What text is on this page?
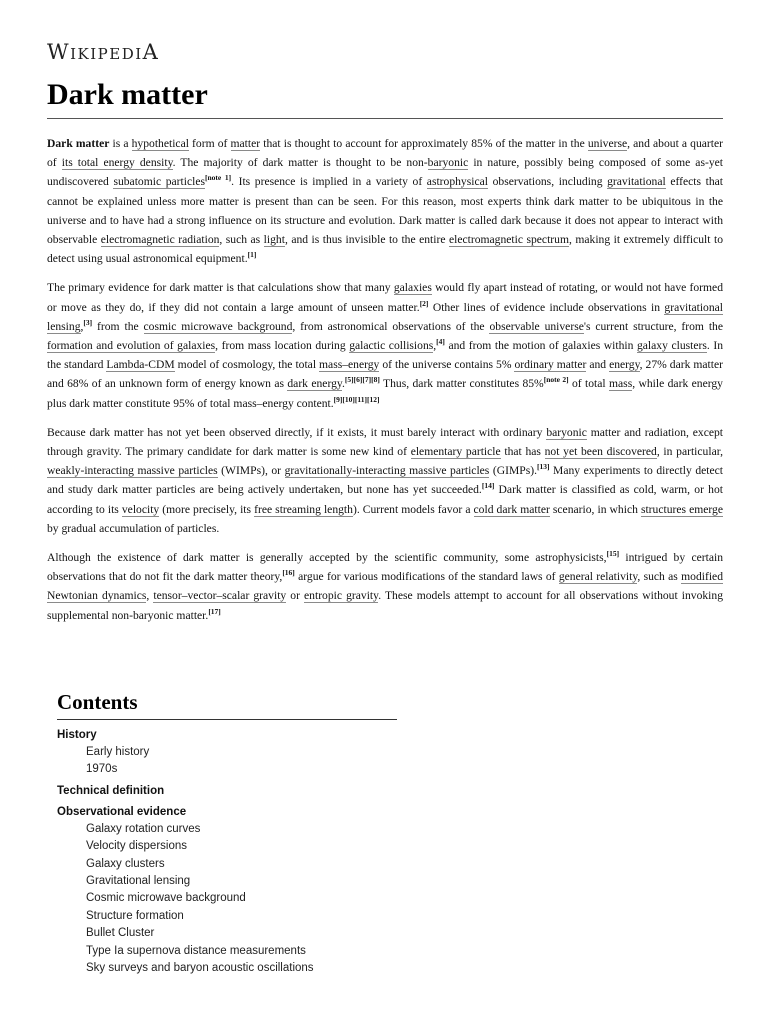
WIKIPEDIA
Dark matter

Dark matter is a hypothetical form of matter that is thought to account for approximately 85% of the matter in the universe, and about a quarter of its total energy density. The majority of dark matter is thought to be non-baryonic in nature, possibly being composed of some as-yet undiscovered subatomic particles[note 1]. Its presence is implied in a variety of astrophysical observations, including gravitational effects that cannot be explained unless more matter is present than can be seen. For this reason, most experts think dark matter to be ubiquitous in the universe and to have had a strong influence on its structure and evolution. Dark matter is called dark because it does not appear to interact with observable electromagnetic radiation, such as light, and is thus invisible to the entire electromagnetic spectrum, making it extremely difficult to detect using usual astronomical equipment.[1]

The primary evidence for dark matter is that calculations show that many galaxies would fly apart instead of rotating, or would not have formed or move as they do, if they did not contain a large amount of unseen matter.[2] Other lines of evidence include observations in gravitational lensing,[3] from the cosmic microwave background, from astronomical observations of the observable universe's current structure, from the formation and evolution of galaxies, from mass location during galactic collisions,[4] and from the motion of galaxies within galaxy clusters. In the standard Lambda-CDM model of cosmology, the total mass–energy of the universe contains 5% ordinary matter and energy, 27% dark matter and 68% of an unknown form of energy known as dark energy.[5][6][7][8] Thus, dark matter constitutes 85%[note 2] of total mass, while dark energy plus dark matter constitute 95% of total mass–energy content.[9][10][11][12]

Because dark matter has not yet been observed directly, if it exists, it must barely interact with ordinary baryonic matter and radiation, except through gravity. The primary candidate for dark matter is some new kind of elementary particle that has not yet been discovered, in particular, weakly-interacting massive particles (WIMPs), or gravitationally-interacting massive particles (GIMPs).[13] Many experiments to directly detect and study dark matter particles are being actively undertaken, but none has yet succeeded.[14] Dark matter is classified as cold, warm, or hot according to its velocity (more precisely, its free streaming length). Current models favor a cold dark matter scenario, in which structures emerge by gradual accumulation of particles.

Although the existence of dark matter is generally accepted by the scientific community, some astrophysicists,[15] intrigued by certain observations that do not fit the dark matter theory,[16] argue for various modifications of the standard laws of general relativity, such as modified Newtonian dynamics, tensor–vector–scalar gravity or entropic gravity. These models attempt to account for all observations without invoking supplemental non-baryonic matter.[17]

Contents
History
Early history
1970s
Technical definition
Observational evidence
Galaxy rotation curves
Velocity dispersions
Galaxy clusters
Gravitational lensing
Cosmic microwave background
Structure formation
Bullet Cluster
Type Ia supernova distance measurements
Sky surveys and baryon acoustic oscillations
